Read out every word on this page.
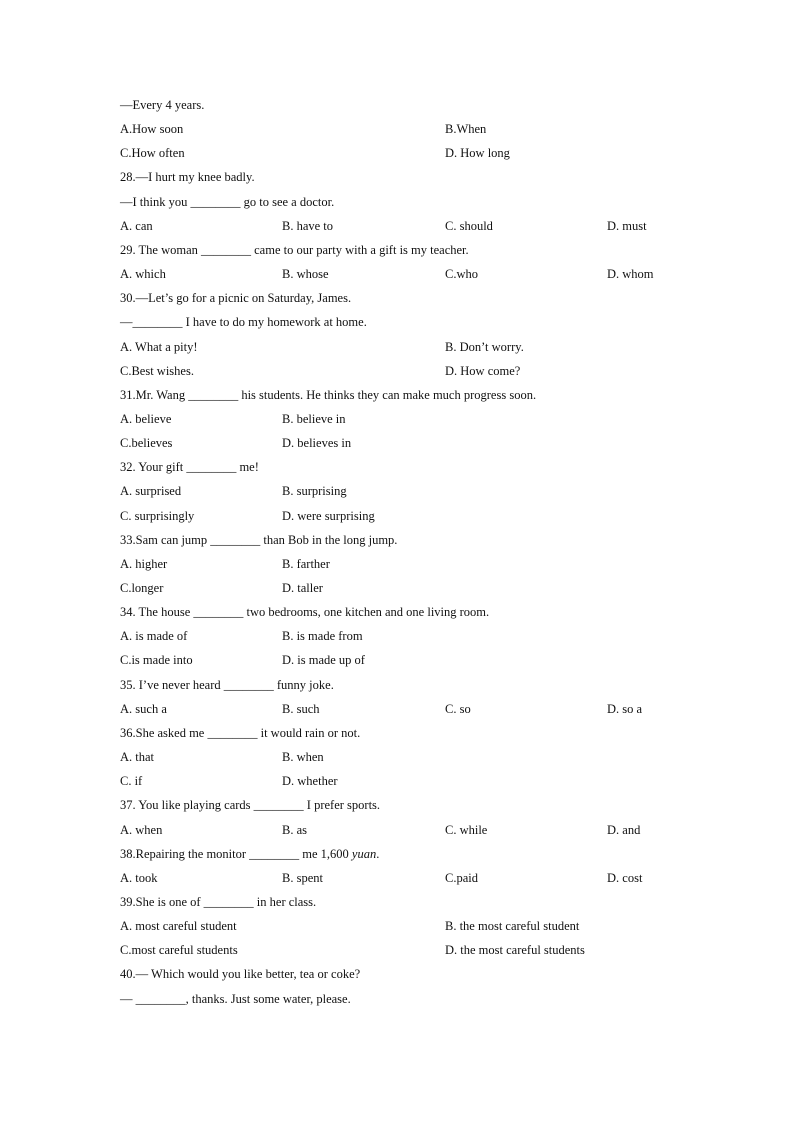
—Every 4 years.
A.How soon	B.When
C.How often	D. How long
28.—I hurt my knee badly.
—I think you ________ go to see a doctor.
A. can	B. have to	C. should	D. must
29. The woman ________ came to our party with a gift is my teacher.
A. which	B. whose	C.who	D. whom
30.—Let’s go for a picnic on Saturday, James.
—________ I have to do my homework at home.
A. What a pity!	B. Don’t worry.
C.Best wishes.	D. How come?
31.Mr. Wang ________ his students. He thinks they can make much progress soon.
A. believe	B. believe in
C.believes	D. believes in
32. Your gift ________ me!
A. surprised	B. surprising
C. surprisingly	D. were surprising
33.Sam can jump ________ than Bob in the long jump.
A. higher	B. farther
C.longer	D. taller
34. The house ________ two bedrooms, one kitchen and one living room.
A. is made of	B. is made from
C.is made into	D. is made up of
35. I’ve never heard ________ funny joke.
A. such a	B. such	C. so	D. so a
36.She asked me ________ it would rain or not.
A. that	B. when
C. if	D. whether
37. You like playing cards ________ I prefer sports.
A. when	B. as	C. while	D. and
38.Repairing the monitor ________ me 1,600 yuan.
A. took	B. spent	C.paid	D. cost
39.She is one of ________ in her class.
A. most careful student	B. the most careful student
C.most careful students	D. the most careful students
40.— Which would you like better, tea or coke?
— ________, thanks. Just some water, please.
